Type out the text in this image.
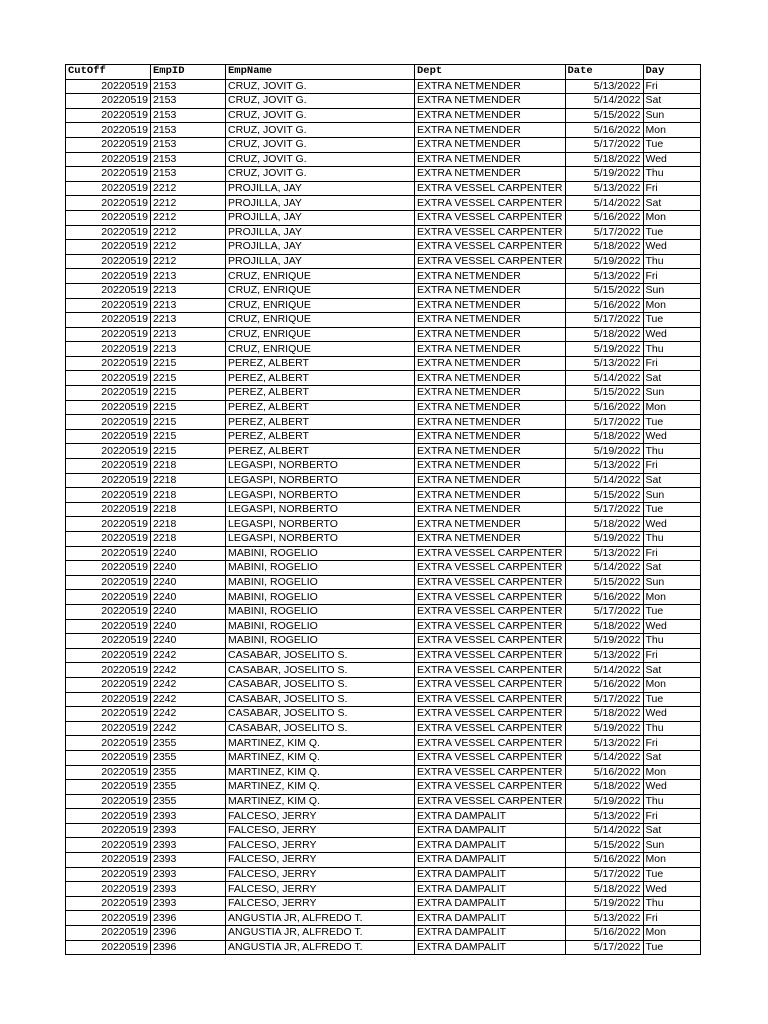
CutOff	EmpID	EmpName	Dept	Date	Day
20220519	2153	CRUZ, JOVIT G.	EXTRA NETMENDER	5/13/2022	Fri
20220519	2153	CRUZ, JOVIT G.	EXTRA NETMENDER	5/14/2022	Sat
20220519	2153	CRUZ, JOVIT G.	EXTRA NETMENDER	5/15/2022	Sun
20220519	2153	CRUZ, JOVIT G.	EXTRA NETMENDER	5/16/2022	Mon
20220519	2153	CRUZ, JOVIT G.	EXTRA NETMENDER	5/17/2022	Tue
20220519	2153	CRUZ, JOVIT G.	EXTRA NETMENDER	5/18/2022	Wed
20220519	2153	CRUZ, JOVIT G.	EXTRA NETMENDER	5/19/2022	Thu
20220519	2212	PROJILLA, JAY	EXTRA VESSEL CARPENTER	5/13/2022	Fri
20220519	2212	PROJILLA, JAY	EXTRA VESSEL CARPENTER	5/14/2022	Sat
20220519	2212	PROJILLA, JAY	EXTRA VESSEL CARPENTER	5/16/2022	Mon
20220519	2212	PROJILLA, JAY	EXTRA VESSEL CARPENTER	5/17/2022	Tue
20220519	2212	PROJILLA, JAY	EXTRA VESSEL CARPENTER	5/18/2022	Wed
20220519	2212	PROJILLA, JAY	EXTRA VESSEL CARPENTER	5/19/2022	Thu
20220519	2213	CRUZ, ENRIQUE	EXTRA NETMENDER	5/13/2022	Fri
20220519	2213	CRUZ, ENRIQUE	EXTRA NETMENDER	5/15/2022	Sun
20220519	2213	CRUZ, ENRIQUE	EXTRA NETMENDER	5/16/2022	Mon
20220519	2213	CRUZ, ENRIQUE	EXTRA NETMENDER	5/17/2022	Tue
20220519	2213	CRUZ, ENRIQUE	EXTRA NETMENDER	5/18/2022	Wed
20220519	2213	CRUZ, ENRIQUE	EXTRA NETMENDER	5/19/2022	Thu
20220519	2215	PEREZ, ALBERT	EXTRA NETMENDER	5/13/2022	Fri
20220519	2215	PEREZ, ALBERT	EXTRA NETMENDER	5/14/2022	Sat
20220519	2215	PEREZ, ALBERT	EXTRA NETMENDER	5/15/2022	Sun
20220519	2215	PEREZ, ALBERT	EXTRA NETMENDER	5/16/2022	Mon
20220519	2215	PEREZ, ALBERT	EXTRA NETMENDER	5/17/2022	Tue
20220519	2215	PEREZ, ALBERT	EXTRA NETMENDER	5/18/2022	Wed
20220519	2215	PEREZ, ALBERT	EXTRA NETMENDER	5/19/2022	Thu
20220519	2218	LEGASPI, NORBERTO	EXTRA NETMENDER	5/13/2022	Fri
20220519	2218	LEGASPI, NORBERTO	EXTRA NETMENDER	5/14/2022	Sat
20220519	2218	LEGASPI, NORBERTO	EXTRA NETMENDER	5/15/2022	Sun
20220519	2218	LEGASPI, NORBERTO	EXTRA NETMENDER	5/17/2022	Tue
20220519	2218	LEGASPI, NORBERTO	EXTRA NETMENDER	5/18/2022	Wed
20220519	2218	LEGASPI, NORBERTO	EXTRA NETMENDER	5/19/2022	Thu
20220519	2240	MABINI, ROGELIO	EXTRA VESSEL CARPENTER	5/13/2022	Fri
20220519	2240	MABINI, ROGELIO	EXTRA VESSEL CARPENTER	5/14/2022	Sat
20220519	2240	MABINI, ROGELIO	EXTRA VESSEL CARPENTER	5/15/2022	Sun
20220519	2240	MABINI, ROGELIO	EXTRA VESSEL CARPENTER	5/16/2022	Mon
20220519	2240	MABINI, ROGELIO	EXTRA VESSEL CARPENTER	5/17/2022	Tue
20220519	2240	MABINI, ROGELIO	EXTRA VESSEL CARPENTER	5/18/2022	Wed
20220519	2240	MABINI, ROGELIO	EXTRA VESSEL CARPENTER	5/19/2022	Thu
20220519	2242	CASABAR, JOSELITO S.	EXTRA VESSEL CARPENTER	5/13/2022	Fri
20220519	2242	CASABAR, JOSELITO S.	EXTRA VESSEL CARPENTER	5/14/2022	Sat
20220519	2242	CASABAR, JOSELITO S.	EXTRA VESSEL CARPENTER	5/16/2022	Mon
20220519	2242	CASABAR, JOSELITO S.	EXTRA VESSEL CARPENTER	5/17/2022	Tue
20220519	2242	CASABAR, JOSELITO S.	EXTRA VESSEL CARPENTER	5/18/2022	Wed
20220519	2242	CASABAR, JOSELITO S.	EXTRA VESSEL CARPENTER	5/19/2022	Thu
20220519	2355	MARTINEZ, KIM Q.	EXTRA VESSEL CARPENTER	5/13/2022	Fri
20220519	2355	MARTINEZ, KIM Q.	EXTRA VESSEL CARPENTER	5/14/2022	Sat
20220519	2355	MARTINEZ, KIM Q.	EXTRA VESSEL CARPENTER	5/16/2022	Mon
20220519	2355	MARTINEZ, KIM Q.	EXTRA VESSEL CARPENTER	5/18/2022	Wed
20220519	2355	MARTINEZ, KIM Q.	EXTRA VESSEL CARPENTER	5/19/2022	Thu
20220519	2393	FALCESO, JERRY	EXTRA DAMPALIT	5/13/2022	Fri
20220519	2393	FALCESO, JERRY	EXTRA DAMPALIT	5/14/2022	Sat
20220519	2393	FALCESO, JERRY	EXTRA DAMPALIT	5/15/2022	Sun
20220519	2393	FALCESO, JERRY	EXTRA DAMPALIT	5/16/2022	Mon
20220519	2393	FALCESO, JERRY	EXTRA DAMPALIT	5/17/2022	Tue
20220519	2393	FALCESO, JERRY	EXTRA DAMPALIT	5/18/2022	Wed
20220519	2393	FALCESO, JERRY	EXTRA DAMPALIT	5/19/2022	Thu
20220519	2396	ANGUSTIA JR, ALFREDO T.	EXTRA DAMPALIT	5/13/2022	Fri
20220519	2396	ANGUSTIA JR, ALFREDO T.	EXTRA DAMPALIT	5/16/2022	Mon
20220519	2396	ANGUSTIA JR, ALFREDO T.	EXTRA DAMPALIT	5/17/2022	Tue
